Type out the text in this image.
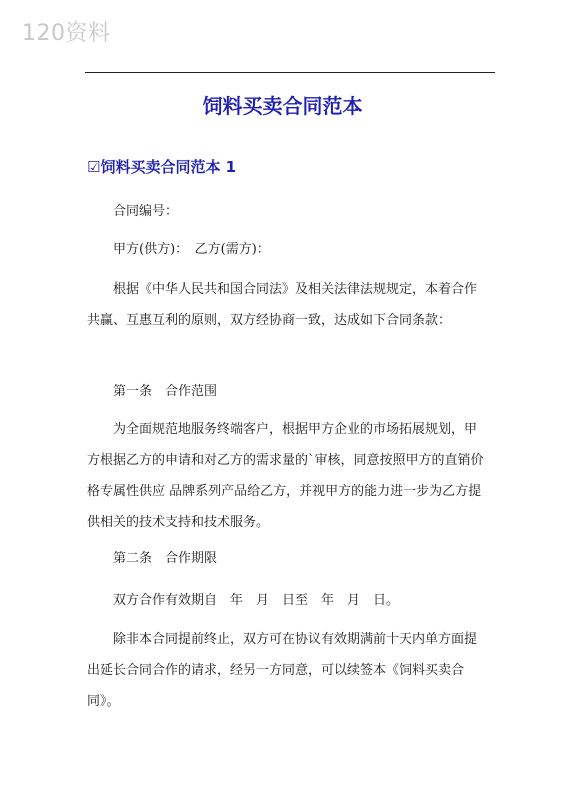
120资料
饲料买卖合同范本
☑饲料买卖合同范本 1

合同编号：

甲方(供方)：　乙方(需方)：

根据《中华人民共和国合同法》及相关法律法规规定，本着合作共赢、互惠互利的原则，双方经协商一致，达成如下合同条款：

第一条　合作范围

为全面规范地服务终端客户，根据甲方企业的市场拓展规划，甲方根据乙方的申请和对乙方的需求量的`审核，同意按照甲方的直销价格专属性供应 品牌系列产品给乙方，并视甲方的能力进一步为乙方提供相关的技术支持和技术服务。

第二条　合作期限

双方合作有效期自　年　月　日至　年　月　日。

除非本合同提前终止，双方可在协议有效期满前十天内单方面提出延长合同合作的请求，经另一方同意，可以续签本《饲料买卖合同》。
